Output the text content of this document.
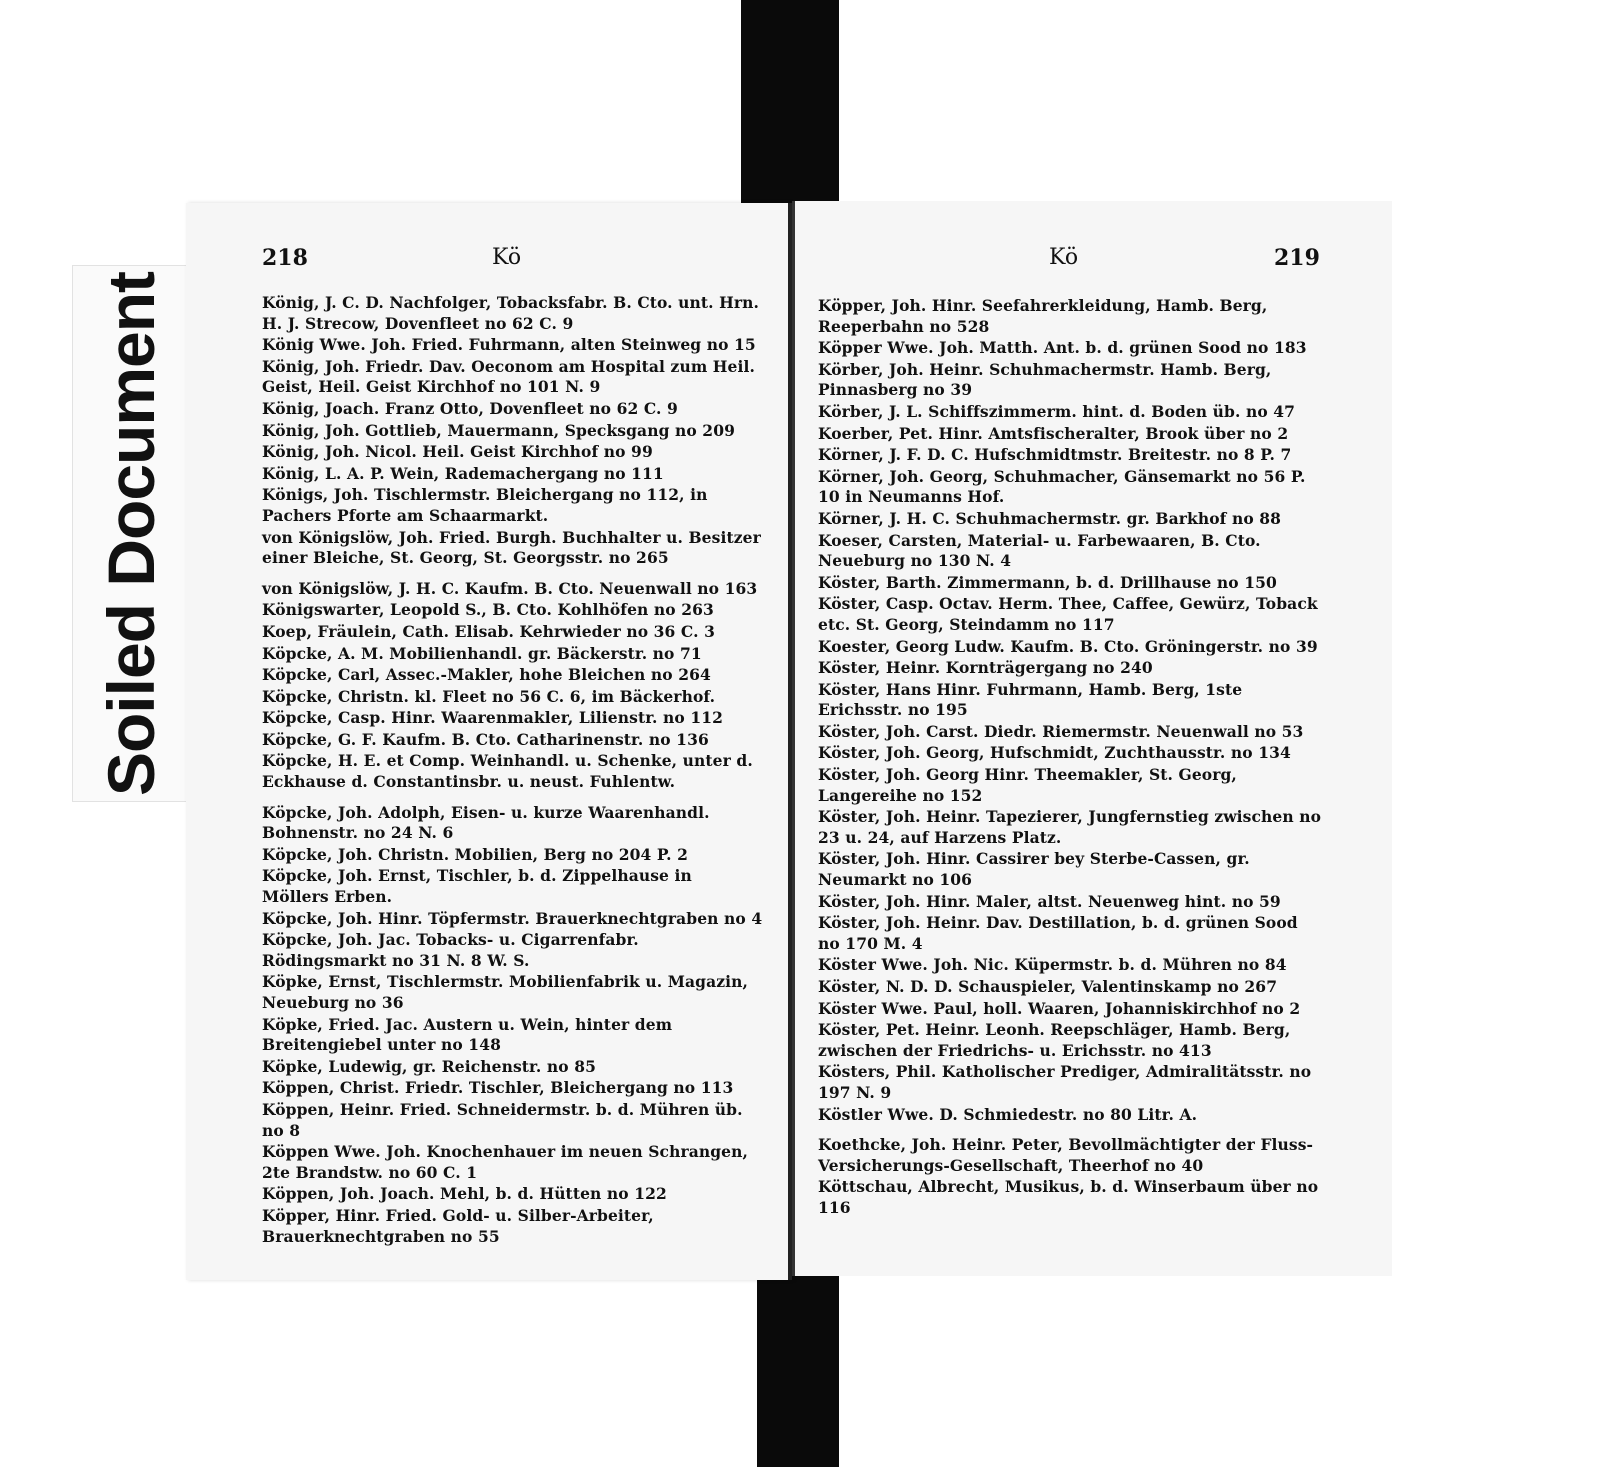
Soiled Document
218	Kö	Kö	219
König, J. C. D. Nachfolger, Tobacksfabr. B. Cto. unt. Hrn. H. J. Strecow, Dovenfleet no 62 C. 9
König Wwe. Joh. Fried. Fuhrmann, alten Steinweg no 15
König, Joh. Friedr. Dav. Oeconom am Hospital zum Heil. Geist, Heil. Geist Kirchhof no 101 N. 9
König, Joach. Franz Otto, Dovenfleet no 62 C. 9
König, Joh. Gottlieb, Mauermann, Specksgang no 209
König, Joh. Nicol. Heil. Geist Kirchhof no 99
König, L. A. P. Wein, Rademachergang no 111
Königs, Joh. Tischlermstr. Bleichergang no 112, in Pachers Pforte am Schaarmarkt.
von Königslöw, Joh. Fried. Burgh. Buchhalter u. Besitzer einer Bleiche, St. Georg, St. Georgsstr. no 265
von Königslöw, J. H. C. Kaufm. B. Cto. Neuenwall no 163
Königswarter, Leopold S., B. Cto. Kohlhöfen no 263
Koep, Fräulein, Cath. Elisab. Kehrwieder no 36 C. 3
Köpcke, A. M. Mobilienhandl. gr. Bäckerstr. no 71
Köpcke, Carl, Assec.-Makler, hohe Bleichen no 264
Köpcke, Christn. kl. Fleet no 56 C. 6, im Bäckerhof.
Köpcke, Casp. Hinr. Waarenmakler, Lilienstr. no 112
Köpcke, G. F. Kaufm. B. Cto. Catharinenstr. no 136
Köpcke, H. E. et Comp. Weinhandl. u. Schenke, unter d. Eckhause d. Constantinsbr. u. neust. Fuhlentw.
Köpcke, Joh. Adolph, Eisen- u. kurze Waarenhandl. Bohnenstr. no 24 N. 6
Köpcke, Joh. Christn. Mobilien, Berg no 204 P. 2
Köpcke, Joh. Ernst, Tischler, b. d. Zippelhause in Möllers Erben.
Köpcke, Joh. Hinr. Töpfermstr. Brauerknechtgraben no 4
Köpcke, Joh. Jac. Tobacks- u. Cigarrenfabr. Rödingsmarkt no 31 N. 8 W. S.
Köpke, Ernst, Tischlermstr. Mobilienfabrik u. Magazin, Neueburg no 36
Köpke, Fried. Jac. Austern u. Wein, hinter dem Breitengiebel unter no 148
Köpke, Ludewig, gr. Reichenstr. no 85
Köppen, Christ. Friedr. Tischler, Bleichergang no 113
Köppen, Heinr. Fried. Schneidermstr. b. d. Mühren üb. no 8
Köppen Wwe. Joh. Knochenhauer im neuen Schrangen, 2te Brandstw. no 60 C. 1
Köppen, Joh. Joach. Mehl, b. d. Hütten no 122
Köpper, Hinr. Fried. Gold- u. Silber-Arbeiter, Brauerknechtgraben no 55
Köpper, Joh. Hinr. Seefahrerkleidung, Hamb. Berg, Reeperbahn no 528
Köpper Wwe. Joh. Matth. Ant. b. d. grünen Sood no 183
Körber, Joh. Heinr. Schuhmachermstr. Hamb. Berg, Pinnasberg no 39
Körber, J. L. Schiffszimmerm. hint. d. Boden üb. no 47
Koerber, Pet. Hinr. Amtsfischeralter, Brook über no 2
Körner, J. F. D. C. Hufschmidtmstr. Breitestr. no 8 P. 7
Körner, Joh. Georg, Schuhmacher, Gänsemarkt no 56 P. 10 in Neumanns Hof.
Körner, J. H. C. Schuhmachermstr. gr. Barkhof no 88
Koeser, Carsten, Material- u. Farbewaaren, B. Cto. Neueburg no 130 N. 4
Köster, Barth. Zimmermann, b. d. Drillhause no 150
Köster, Casp. Octav. Herm. Thee, Caffee, Gewürz, Toback etc. St. Georg, Steindamm no 117
Koester, Georg Ludw. Kaufm. B. Cto. Gröningerstr. no 39
Köster, Heinr. Kornträgergang no 240
Köster, Hans Hinr. Fuhrmann, Hamb. Berg, 1ste Erichsstr. no 195
Köster, Joh. Carst. Diedr. Riemermstr. Neuenwall no 53
Köster, Joh. Georg, Hufschmidt, Zuchthausstr. no 134
Köster, Joh. Georg Hinr. Theemakler, St. Georg, Langereihe no 152
Köster, Joh. Heinr. Tapezierer, Jungfernstieg zwischen no 23 u. 24, auf Harzens Platz.
Köster, Joh. Hinr. Cassirer bey Sterbe-Cassen, gr. Neumarkt no 106
Köster, Joh. Hinr. Maler, altst. Neuenweg hint. no 59
Köster, Joh. Heinr. Dav. Destillation, b. d. grünen Sood no 170 M. 4
Köster Wwe. Joh. Nic. Küpermstr. b. d. Mühren no 84
Köster, N. D. D. Schauspieler, Valentinskamp no 267
Köster Wwe. Paul, holl. Waaren, Johanniskirchhof no 2
Köster, Pet. Heinr. Leonh. Reepschläger, Hamb. Berg, zwischen der Friedrichs- u. Erichsstr. no 413
Kösters, Phil. Katholischer Prediger, Admiralitätsstr. no 197 N. 9
Köstler Wwe. D. Schmiedestr. no 80 Litr. A.
Koethcke, Joh. Heinr. Peter, Bevollmächtigter der Fluss-Versicherungs-Gesellschaft, Theerhof no 40
Köttschau, Albrecht, Musikus, b. d. Winserbaum über no 116
